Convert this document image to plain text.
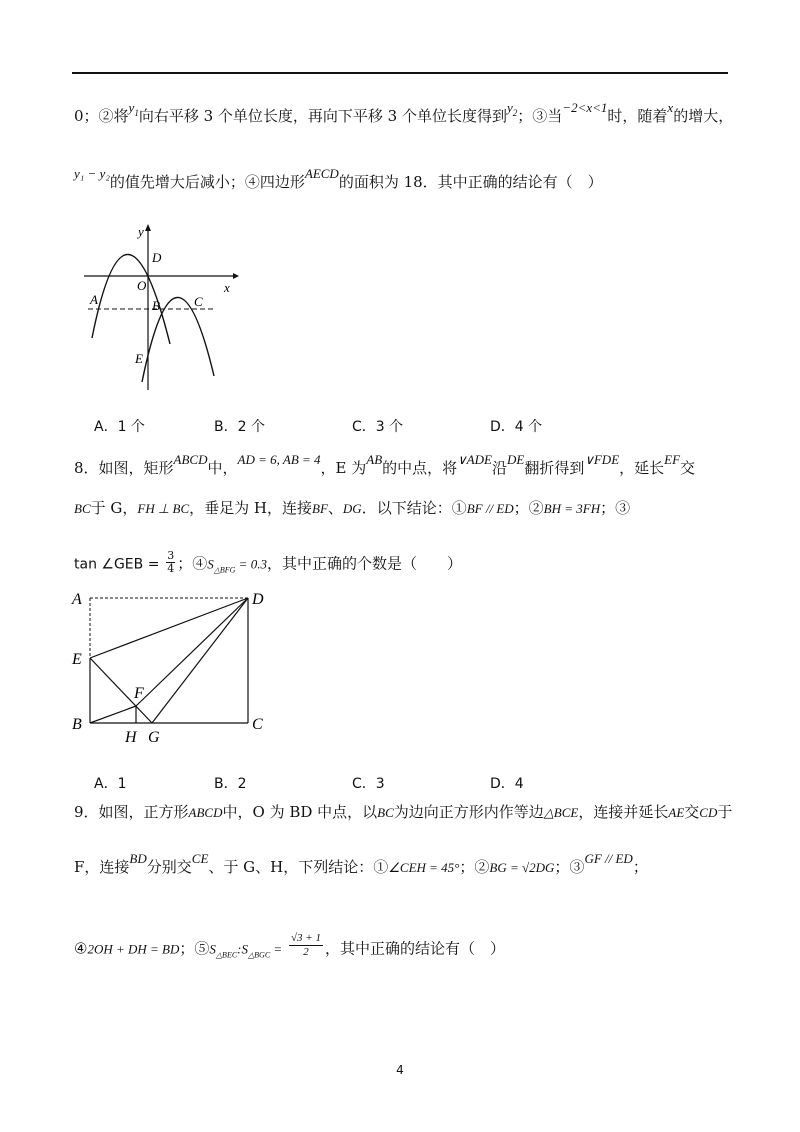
0；②将$y_1$向右平移 3 个单位长度，再向下平移 3 个单位长度得到$y_2$；③当−2<x<1时，随着x的增大，
y₁ − y₂的值先增大后减小；④四边形AECD的面积为 18．其中正确的结论有（　）
y
x
O
D
A	B	C
E
A．1 个	B．2 个	C．3 个	D．4 个
8．如图，矩形ABCD中，AD = 6, AB = 4，E 为AB的中点，将∨ADE沿DE翻折得到∨FDE，延长EF交
BC于 G，FH ⊥ BC，垂足为 H，连接BF、DG．以下结论：①BF // ED；②BH = 3FH；③
tan ∠GEB = $\frac{3}{4}$ ；$④S_{\triangle BFG} = 0.3$，其中正确的个数是（　　）
A	D
E
F
B
H G
C
A．1	B．2	C．3	D．4
9．如图，正方形ABCD中，O 为 BD 中点，以BC为边向正方形内作等边△BCE，连接并延长AE交CD于
F，连接BD分别交CE、于 G、H，下列结论：①∠CEH = 45°；②BG = √2DG；③GF // ED；
④2OH + DH = BD；$⑤S_{\triangle BEC}:S_{\triangle BGC} = \frac{√3 + 1}{2}$ ，其中正确的结论有（　）
4
